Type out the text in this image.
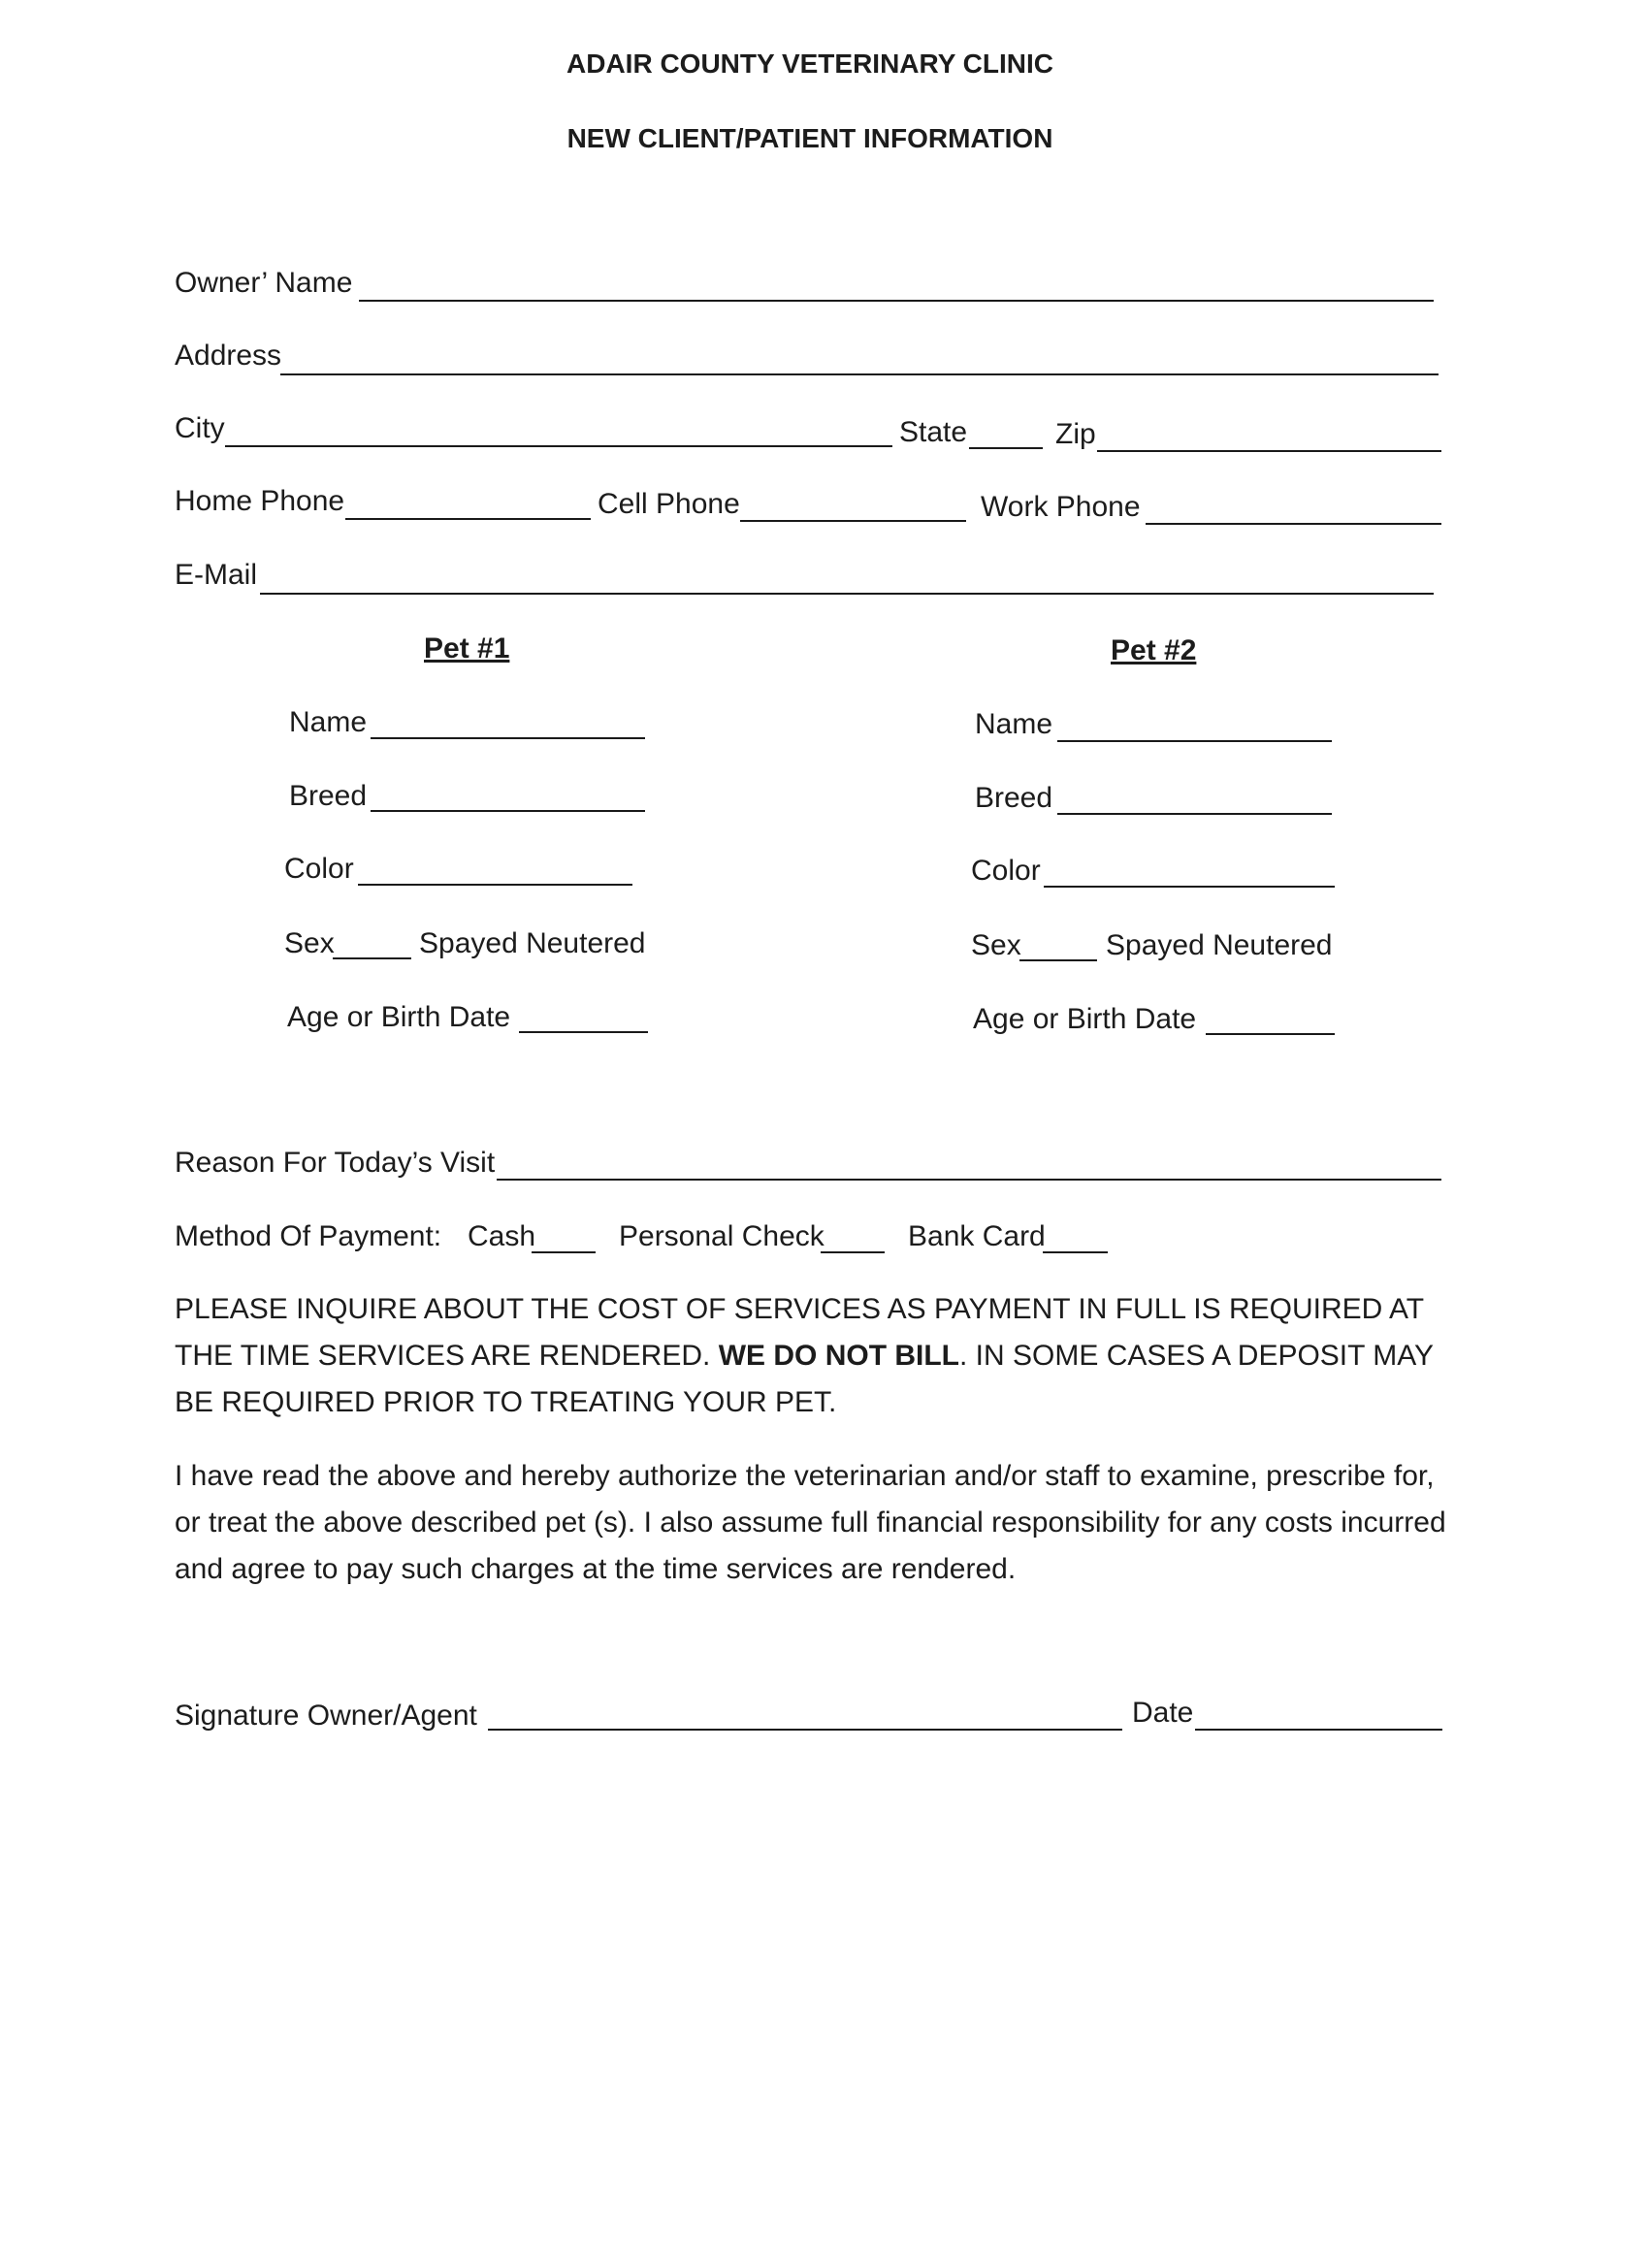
ADAIR COUNTY VETERINARY CLINIC
NEW CLIENT/PATIENT INFORMATION
Owner’ Name
Address
City	State	Zip
Home Phone	Cell Phone	Work Phone
E-Mail
Pet #1
Name
Breed
Color
Sex	Spayed Neutered
Age or Birth Date
Pet #2
Name
Breed
Color
Sex	Spayed Neutered
Age or Birth Date
Reason For Today’s Visit
Method Of Payment: Cash	Personal Check	Bank Card
PLEASE INQUIRE ABOUT THE COST OF SERVICES AS PAYMENT IN FULL IS REQUIRED AT THE TIME SERVICES ARE RENDERED. WE DO NOT BILL. IN SOME CASES A DEPOSIT MAY BE REQUIRED PRIOR TO TREATING YOUR PET.
I have read the above and hereby authorize the veterinarian and/or staff to examine, prescribe for, or treat the above described pet (s). I also assume full financial responsibility for any costs incurred and agree to pay such charges at the time services are rendered.
Signature Owner/Agent	Date
